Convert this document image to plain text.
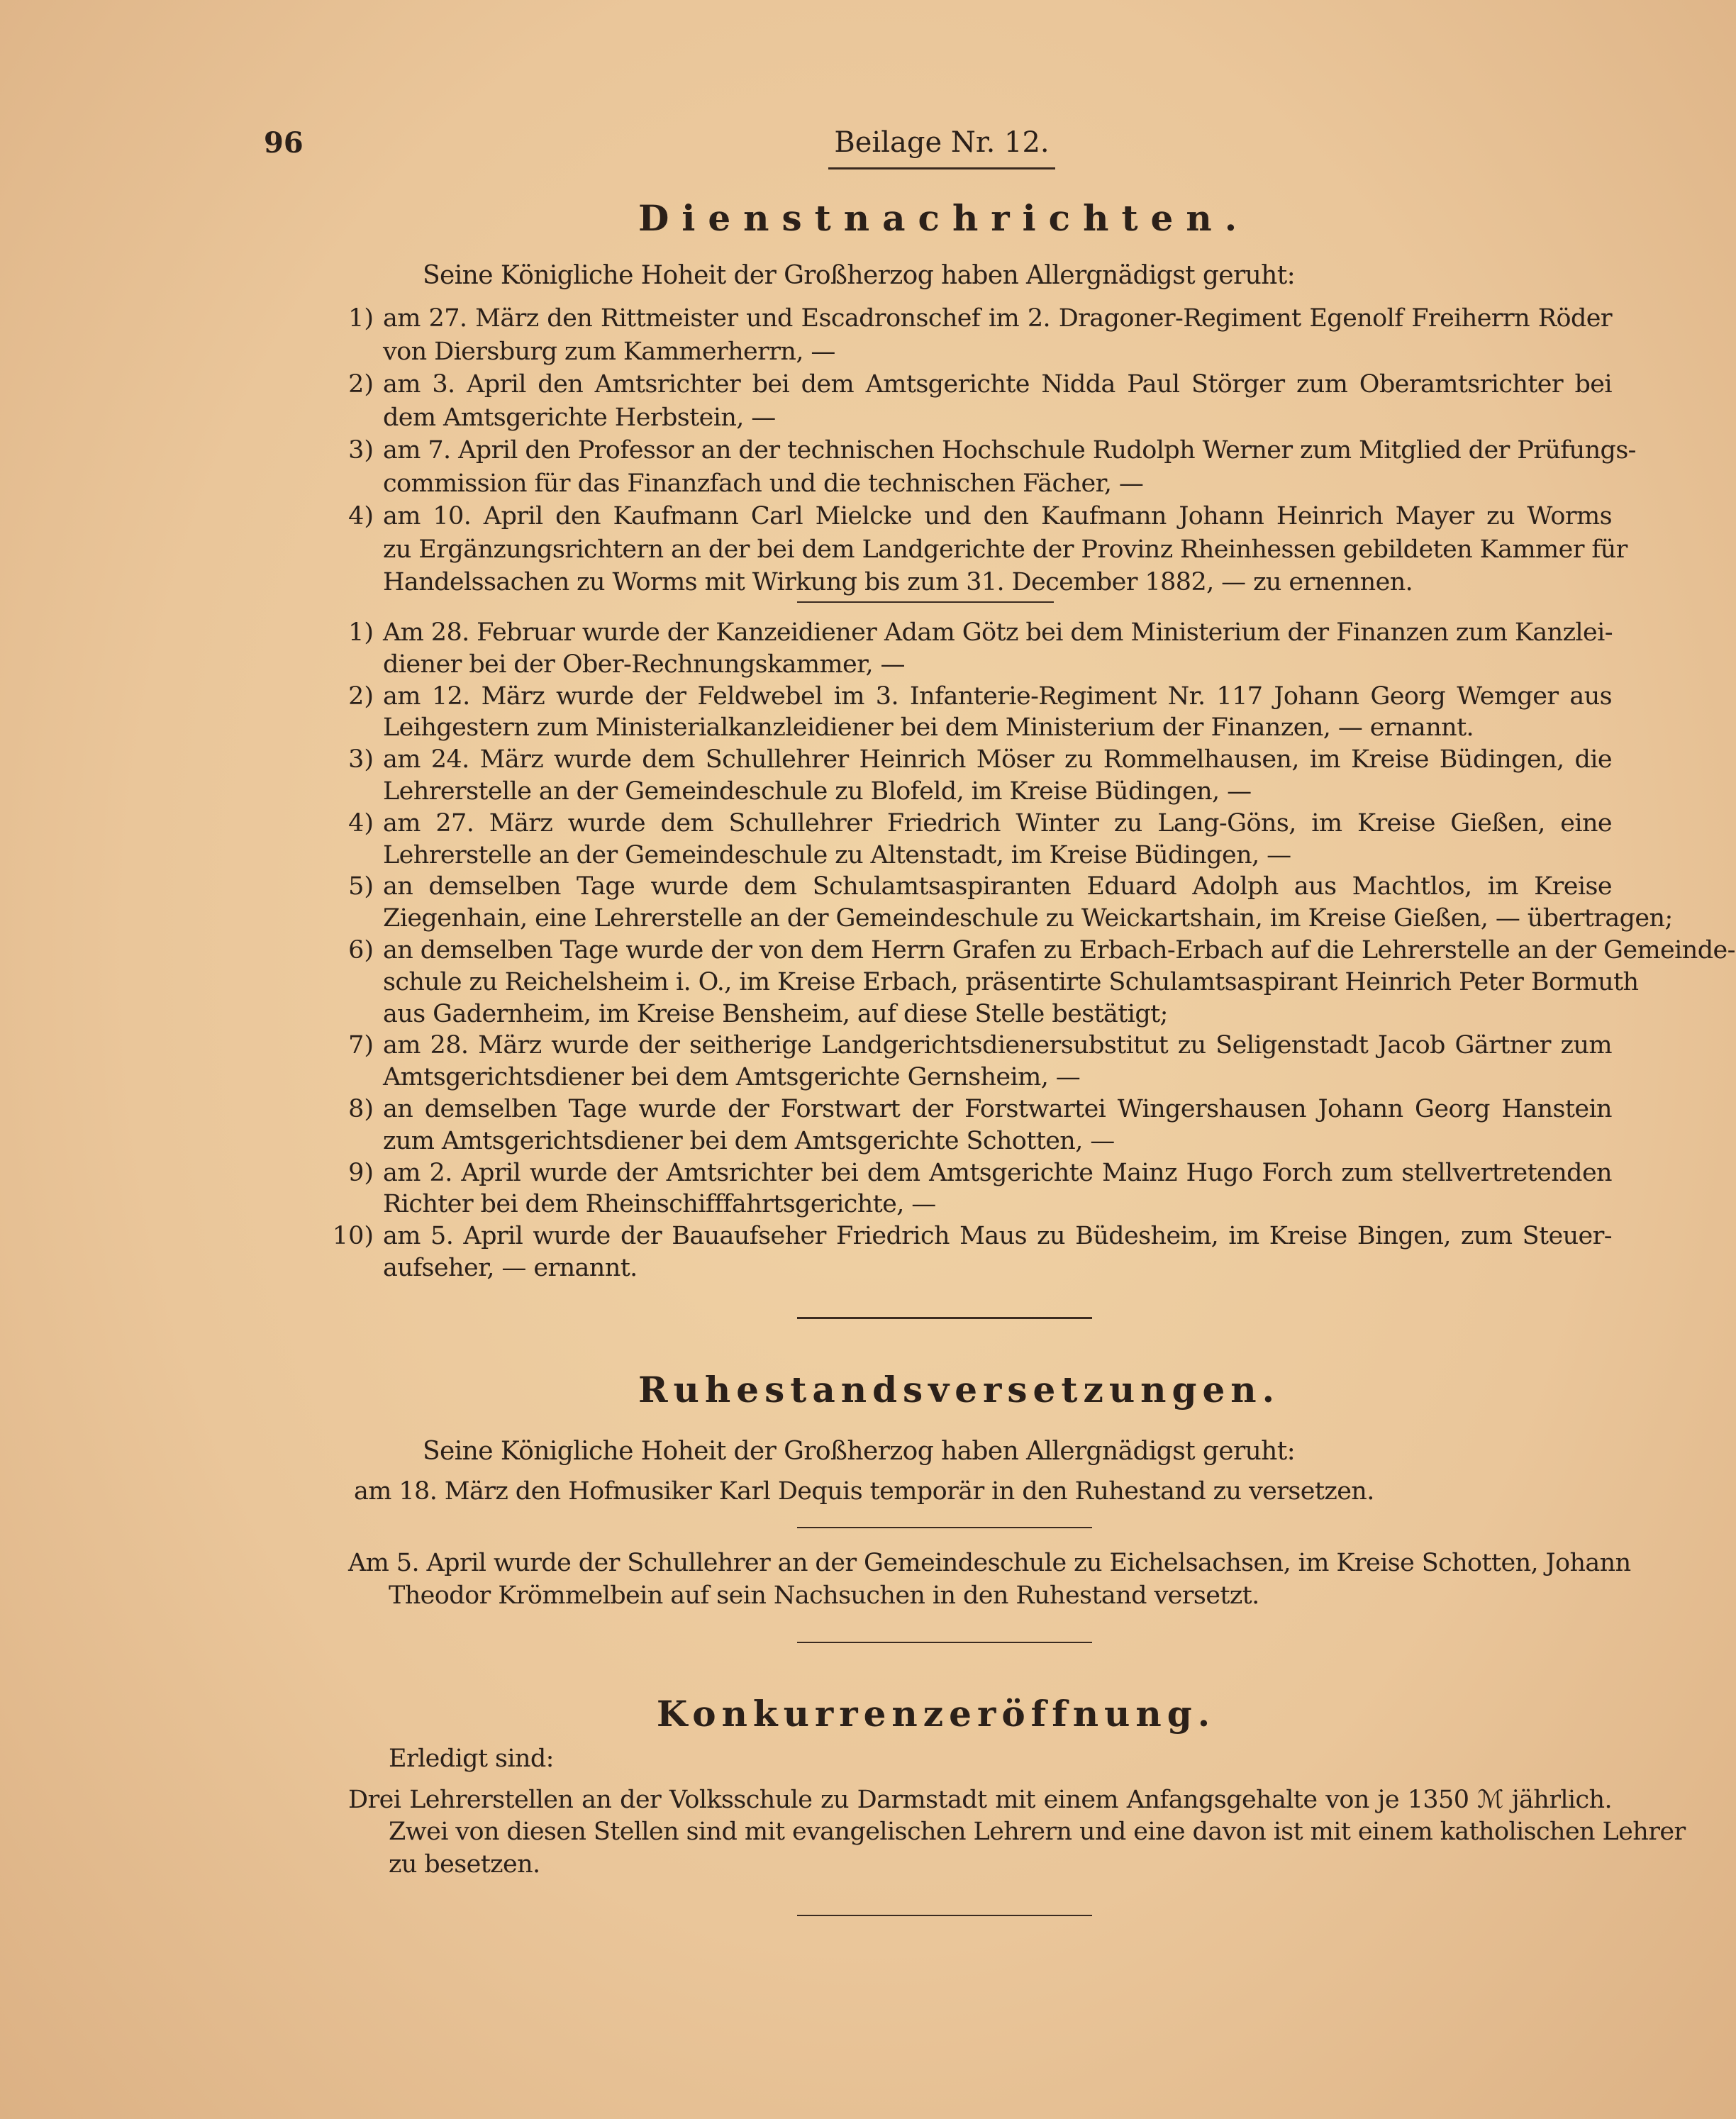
96	Beilage Nr. 12.
Dienstnachrichten.
Seine Königliche Hoheit der Großherzog haben Allergnädigst geruht:
1) am 27. März den Rittmeister und Escadronschef im 2. Dragoner-Regiment Egenolf Freiherrn Röder
von Diersburg zum Kammerherrn, —
2) am 3. April den Amtsrichter bei dem Amtsgerichte Nidda Paul Störger zum Oberamtsrichter bei
dem Amtsgerichte Herbstein, —
3) am 7. April den Professor an der technischen Hochschule Rudolph Werner zum Mitglied der Prüfungs-
commission für das Finanzfach und die technischen Fächer, —
4) am 10. April den Kaufmann Carl Mielcke und den Kaufmann Johann Heinrich Mayer zu Worms
zu Ergänzungsrichtern an der bei dem Landgerichte der Provinz Rheinhessen gebildeten Kammer für
Handelssachen zu Worms mit Wirkung bis zum 31. December 1882, — zu ernennen.
1) Am 28. Februar wurde der Kanzeidiener Adam Götz bei dem Ministerium der Finanzen zum Kanzlei-
diener bei der Ober-Rechnungskammer, —
2) am 12. März wurde der Feldwebel im 3. Infanterie-Regiment Nr. 117 Johann Georg Wemger aus
Leihgestern zum Ministerialkanzleidiener bei dem Ministerium der Finanzen, — ernannt.
3) am 24. März wurde dem Schullehrer Heinrich Möser zu Rommelhausen, im Kreise Büdingen, die
Lehrerstelle an der Gemeindeschule zu Blofeld, im Kreise Büdingen, —
4) am 27. März wurde dem Schullehrer Friedrich Winter zu Lang-Göns, im Kreise Gießen, eine
Lehrerstelle an der Gemeindeschule zu Altenstadt, im Kreise Büdingen, —
5) an demselben Tage wurde dem Schulamtsaspiranten Eduard Adolph aus Machtlos, im Kreise
Ziegenhain, eine Lehrerstelle an der Gemeindeschule zu Weickartshain, im Kreise Gießen, — übertragen;
6) an demselben Tage wurde der von dem Herrn Grafen zu Erbach-Erbach auf die Lehrerstelle an der Gemeinde-
schule zu Reichelsheim i. O., im Kreise Erbach, präsentirte Schulamtsaspirant Heinrich Peter Bormuth
aus Gadernheim, im Kreise Bensheim, auf diese Stelle bestätigt;
7) am 28. März wurde der seitherige Landgerichtsdienersubstitut zu Seligenstadt Jacob Gärtner zum
Amtsgerichtsdiener bei dem Amtsgerichte Gernsheim, —
8) an demselben Tage wurde der Forstwart der Forstwartei Wingershausen Johann Georg Hanstein
zum Amtsgerichtsdiener bei dem Amtsgerichte Schotten, —
9) am 2. April wurde der Amtsrichter bei dem Amtsgerichte Mainz Hugo Forch zum stellvertretenden
Richter bei dem Rheinschifffahrtsgerichte, —
10) am 5. April wurde der Bauaufseher Friedrich Maus zu Büdesheim, im Kreise Bingen, zum Steuer-
aufseher, — ernannt.
Ruhestandsversetzungen.
Seine Königliche Hoheit der Großherzog haben Allergnädigst geruht:
am 18. März den Hofmusiker Karl Dequis temporär in den Ruhestand zu versetzen.
Am 5. April wurde der Schullehrer an der Gemeindeschule zu Eichelsachsen, im Kreise Schotten, Johann
Theodor Krömmelbein auf sein Nachsuchen in den Ruhestand versetzt.
Konkurrenzeröffnung.
Erledigt sind:
Drei Lehrerstellen an der Volksschule zu Darmstadt mit einem Anfangsgehalte von je 1350 ℳ jährlich.
Zwei von diesen Stellen sind mit evangelischen Lehrern und eine davon ist mit einem katholischen Lehrer
zu besetzen.
